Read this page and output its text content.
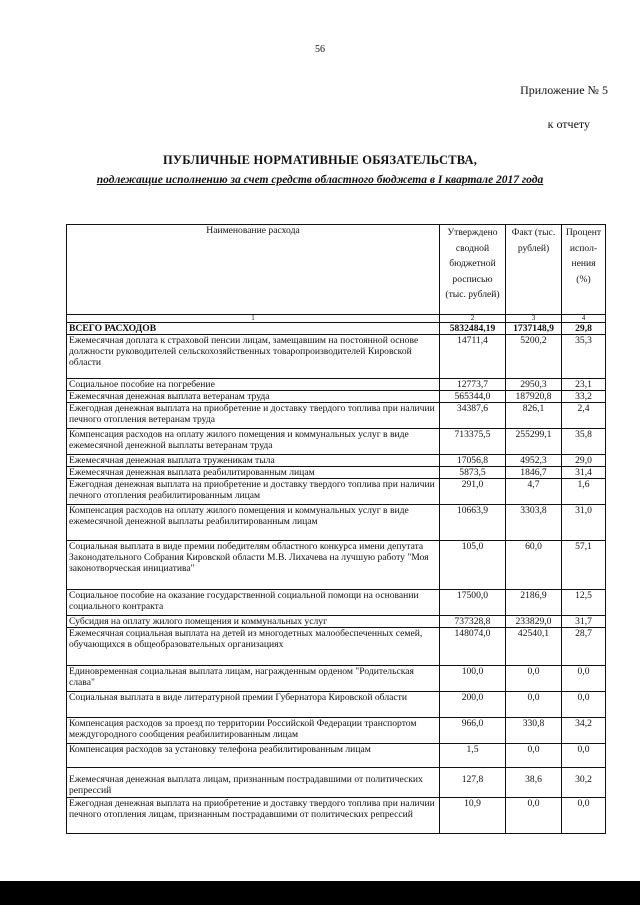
56
Приложение № 5
к отчету
ПУБЛИЧНЫЕ НОРМАТИВНЫЕ ОБЯЗАТЕЛЬСТВА,
подлежащие исполнению за счет средств областного бюджета в I квартале 2017 года
Наименование расхода	Утверждено сводной бюджетной росписью (тыс. рублей)	Факт (тыс. рублей)	Процент испол-нения (%)
1	2	3	4
ВСЕГО РАСХОДОВ	5832484,19	1737148,9	29,8
Ежемесячная доплата к страховой пенсии лицам, замещавшим на постоянной основе должности руководителей сельскохозяйственных товаропроизводителей Кировской области	14711,4	5200,2	35,3
Социальное пособие на погребение	12773,7	2950,3	23,1
Ежемесячная денежная выплата ветеранам труда	565344,0	187920,8	33,2
Ежегодная денежная выплата на приобретение и доставку твердого топлива при наличии печного отопления ветеранам труда	34387,6	826,1	2,4
Компенсация расходов на оплату жилого помещения и коммунальных услуг в виде ежемесячной денежной выплаты ветеранам труда	713375,5	255299,1	35,8
Ежемесячная денежная выплата труженикам тыла	17056,8	4952,3	29,0
Ежемесячная денежная выплата реабилитированным лицам	5873,5	1846,7	31,4
Ежегодная денежная выплата на приобретение и доставку твердого топлива при наличии печного отопления реабилитированным лицам	291,0	4,7	1,6
Компенсация расходов на оплату жилого помещения и коммунальных услуг в виде ежемесячной денежной выплаты реабилитированным лицам	10663,9	3303,8	31,0
Социальная выплата в виде премии победителям областного конкурса имени депутата Законодательного Собрания Кировской области М.В. Лихачева на лучшую работу "Моя законотворческая инициатива"	105,0	60,0	57,1
Социальное пособие на оказание государственной социальной помощи на основании социального контракта	17500,0	2186,9	12,5
Субсидия на оплату жилого помещения и коммунальных услуг	737328,8	233829,0	31,7
Ежемесячная социальная выплата на детей из многодетных малообеспеченных семей, обучающихся в общеобразовательных организациях	148074,0	42540,1	28,7
Единовременная социальная выплата лицам, награжденным орденом "Родительская слава"	100,0	0,0	0,0
Социальная выплата в виде литературной премии Губернатора Кировской области	200,0	0,0	0,0
Компенсация расходов за проезд по территории Российской Федерации транспортом междугородного сообщения реабилитированным лицам	966,0	330,8	34,2
Компенсация расходов за установку телефона реабилитированным лицам	1,5	0,0	0,0
Ежемесячная денежная выплата лицам, признанным пострадавшими от политических репрессий	127,8	38,6	30,2
Ежегодная денежная выплата на приобретение и доставку твердого топлива при наличии печного отопления лицам, признанным пострадавшими от политических репрессий	10,9	0,0	0,0
